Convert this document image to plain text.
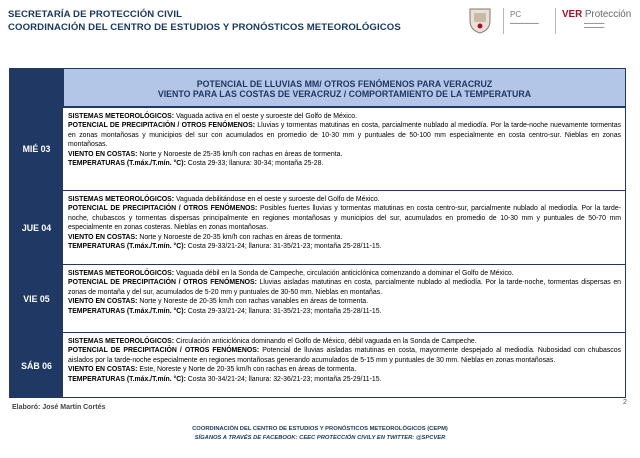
SECRETARÍA DE PROTECCIÓN CIVIL
COORDINACIÓN DEL CENTRO DE ESTUDIOS Y PRONÓSTICOS METEOROLÓGICOS
PC
▬▬▬▬▬▬▬▬
VER Protección
▬▬▬▬▬▬
▬▬▬▬▬▬
POTENCIAL DE LLUVIAS MM/ OTROS FENÓMENOS PARA VERACRUZ
VIENTO PARA LAS COSTAS DE VERACRUZ / COMPORTAMIENTO DE LA TEMPERATURA
MIÉ 03

SISTEMAS METEOROLÓGICOS: Vaguada activa en el oeste y suroeste del Golfo de México.

POTENCIAL DE PRECIPITACIÓN / OTROS FENÓMENOS: Lluvias y tormentas matutinas en costa, parcialmente nublado al mediodía. Por la tarde-noche nuevamente tormentas en zonas montañosas y municipios del sur con acumulados en promedio de 10-30 mm y puntuales de 50-100 mm especialmente en costa centro-sur. Nieblas en zonas montañosas.

VIENTO EN COSTAS: Norte y Noroeste de 25-35 km/h con rachas en áreas de tormenta.

TEMPERATURAS (T.máx./T.mín. °C): Costa 29-33; llanura: 30-34; montaña 25-28.

JUE 04

SISTEMAS METEOROLÓGICOS: Vaguada debilitándose en el oeste y suroeste del Golfo de México.

POTENCIAL DE PRECIPITACIÓN / OTROS FENÓMENOS: Posibles fuertes lluvias y tormentas matutinas en costa centro-sur, parcialmente nublado al mediodía. Por la tarde-noche, chubascos y tormentas dispersas principalmente en regiones montañosas y municipios del sur, acumulados en promedio de 10-30 mm y puntuales de 50-70 mm especialmente en zonas costeras. Nieblas en zonas montañosas.

VIENTO EN COSTAS: Norte y Noroeste de 20-35 km/h con rachas en áreas de tormenta.

TEMPERATURAS (T.máx./T.mín. °C): Costa 29-33/21-24; llanura: 31-35/21-23; montaña 25-28/11-15.

VIE 05

SISTEMAS METEOROLÓGICOS: Vaguada débil en la Sonda de Campeche, circulación anticiclónica comenzando a dominar el Golfo de México.

POTENCIAL DE PRECIPITACIÓN / OTROS FENÓMENOS: Lluvias aisladas matutinas en costa, parcialmente nublado al mediodía. Por la tarde-noche, tormentas dispersas en zonas de montaña y del sur, acumulados de 5-20 mm y puntuales de 30-50 mm. Nieblas en montañas.

VIENTO EN COSTAS: Norte y Noreste de 20-35 km/h con rachas variables en áreas de tormenta.

TEMPERATURAS (T.máx./T.mín. °C): Costa 29-33/21-24; llanura: 31-35/21-23; montaña 25-28/11-15.

SÁB 06

SISTEMAS METEOROLÓGICOS: Circulación anticiclónica dominando el Golfo de México, débil vaguada en la Sonda de Campeche.

POTENCIAL DE PRECIPITACIÓN / OTROS FENÓMENOS: Potencial de lluvias aisladas matutinas en costa, mayormente despejado al mediodía. Nubosidad con chubascos aislados por la tarde-noche especialmente en regiones montañosas generando acumulados de 5-15 mm y puntuales de 30 mm. Nieblas en zonas montañosas.

VIENTO EN COSTAS: Este, Noreste y Norte de 20-35 km/h con rachas en áreas de tormenta.

TEMPERATURAS (T.máx./T.mín. °C): Costa 30-34/21-24; llanura: 32-36/21-23; montaña 25-29/11-15.

2
Elaboró: José Martín Cortés
COORDINACIÓN DEL CENTRO DE ESTUDIOS Y PRONÓSTICOS METEOROLÓGICOS (CEPM)
SÍGANOS A TRAVÉS DE FACEBOOK: CEEC PROTECCIÓN CIVILY EN TWITTER: @SPCVER
